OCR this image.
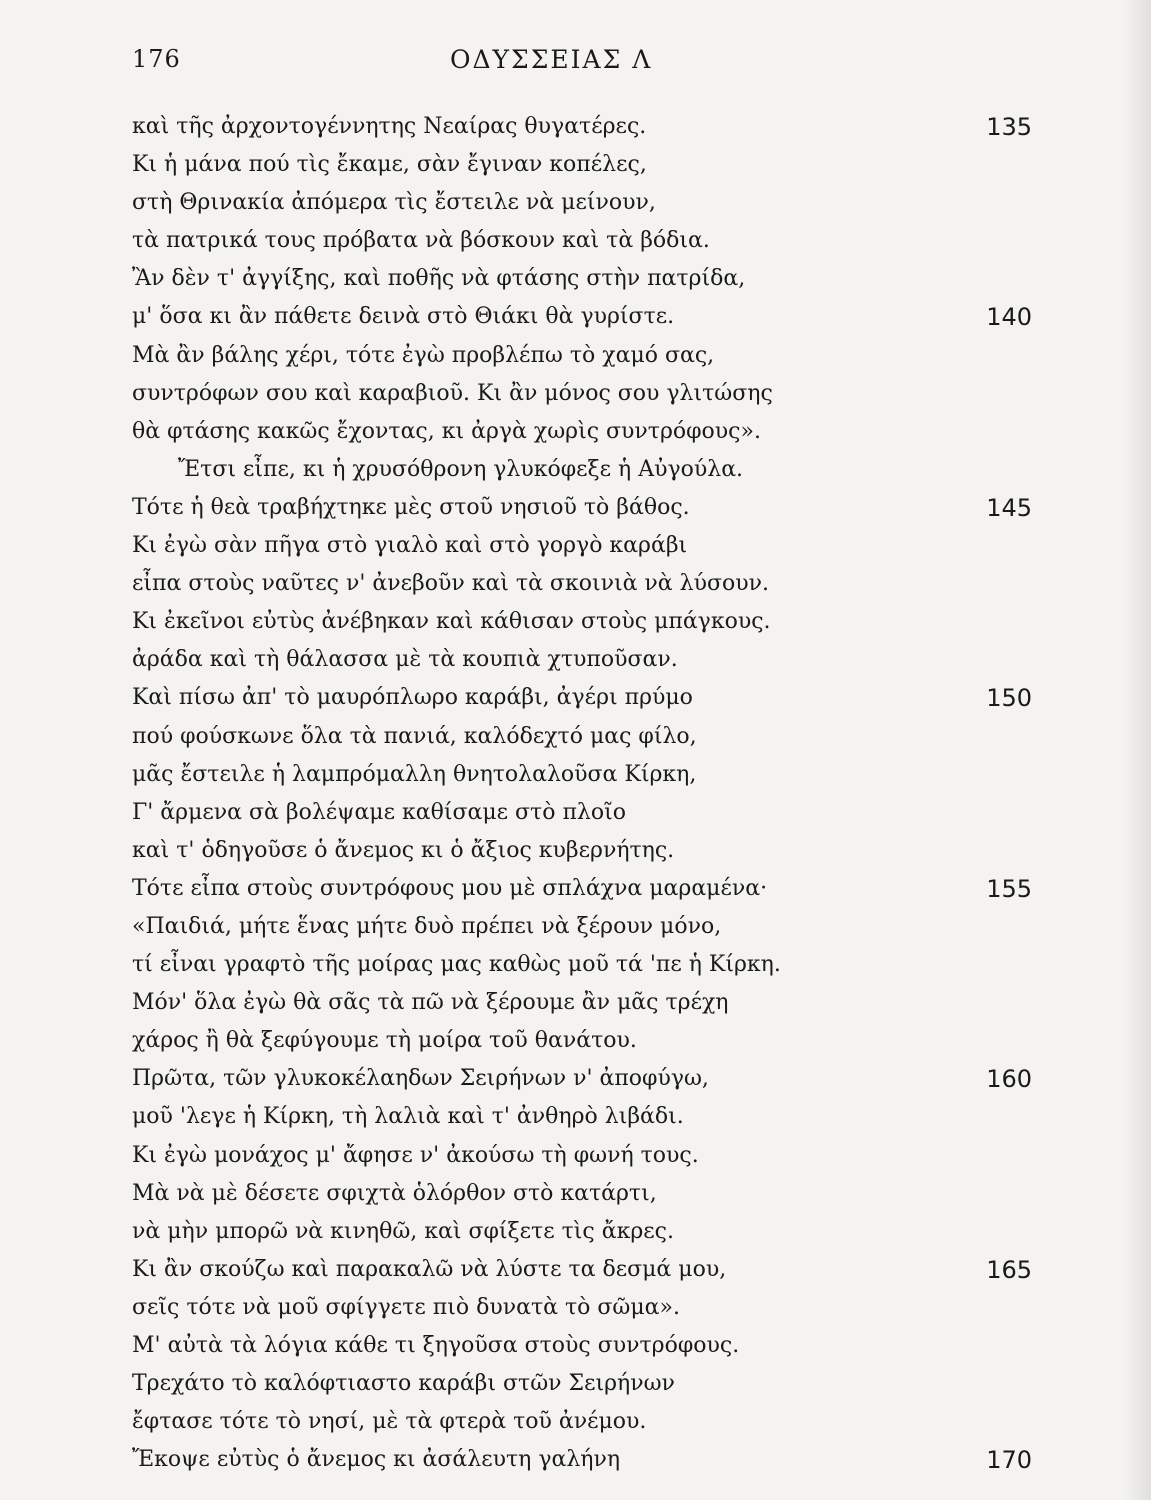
176	ΟΔΥΣΣΕΙΑΣ Λ
καὶ τῆς ἀρχοντογέννητης Νεαίρας θυγατέρες.	135
Κι ἡ μάνα πού τὶς ἔκαμε, σὰν ἔγιναν κοπέλες,
στὴ Θρινακία ἀπόμερα τὶς ἔστειλε νὰ μείνουν,
τὰ πατρικά τους πρόβατα νὰ βόσκουν καὶ τὰ βόδια.
Ἂν δὲν τ' ἀγγίξης, καὶ ποθῆς νὰ φτάσης στὴν πατρίδα,
μ' ὅσα κι ἂν πάθετε δεινὰ στὸ Θιάκι θὰ γυρίστε.	140
Μὰ ἂν βάλης χέρι, τότε ἐγὼ προβλέπω τὸ χαμό σας,
συντρόφων σου καὶ καραβιοῦ. Κι ἂν μόνος σου γλιτώσης
θὰ φτάσης κακῶς ἔχοντας, κι ἀργὰ χωρὶς συντρόφους».
Ἔτσι εἶπε, κι ἡ χρυσόθρονη γλυκόφεξε ἡ Αὐγούλα.
Τότε ἡ θεὰ τραβήχτηκε μὲς στοῦ νησιοῦ τὸ βάθος.	145
Κι ἐγὼ σὰν πῆγα στὸ γιαλὸ καὶ στὸ γοργὸ καράβι
εἶπα στοὺς ναῦτες ν' ἀνεβοῦν καὶ τὰ σκοινιὰ νὰ λύσουν.
Κι ἐκεῖνοι εὐτὺς ἀνέβηκαν καὶ κάθισαν στοὺς μπάγκους.
ἀράδα καὶ τὴ θάλασσα μὲ τὰ κουπιὰ χτυποῦσαν.
Καὶ πίσω ἀπ' τὸ μαυρόπλωρο καράβι, ἀγέρι πρύμο	150
πού φούσκωνε ὅλα τὰ πανιά, καλόδεχτό μας φίλο,
μᾶς ἔστειλε ἡ λαμπρόμαλλη θνητολαλοῦσα Κίρκη,
Γ' ἄρμενα σὰ βολέψαμε καθίσαμε στὸ πλοῖο
καὶ τ' ὁδηγοῦσε ὁ ἄνεμος κι ὁ ἄξιος κυβερνήτης.
Τότε εἶπα στοὺς συντρόφους μου μὲ σπλάχνα μαραμένα·	155
«Παιδιά, μήτε ἕνας μήτε δυὸ πρέπει νὰ ξέρουν μόνο,
τί εἶναι γραφτὸ τῆς μοίρας μας καθὼς μοῦ τά 'πε ἡ Κίρκη.
Μόν' ὅλα ἐγὼ θὰ σᾶς τὰ πῶ νὰ ξέρουμε ἂν μᾶς τρέχη
χάρος ἢ θὰ ξεφύγουμε τὴ μοίρα τοῦ θανάτου.
Πρῶτα, τῶν γλυκοκέλαηδων Σειρήνων ν' ἀποφύγω,	160
μοῦ 'λεγε ἡ Κίρκη, τὴ λαλιὰ καὶ τ' ἀνθηρὸ λιβάδι.
Κι ἐγὼ μονάχος μ' ἄφησε ν' ἀκούσω τὴ φωνή τους.
Μὰ νὰ μὲ δέσετε σφιχτὰ ὁλόρθον στὸ κατάρτι,
νὰ μὴν μπορῶ νὰ κινηθῶ, καὶ σφίξετε τὶς ἄκρες.
Κι ἂν σκούζω καὶ παρακαλῶ νὰ λύστε τα δεσμά μου,	165
σεῖς τότε νὰ μοῦ σφίγγετε πιὸ δυνατὰ τὸ σῶμα».
Μ' αὐτὰ τὰ λόγια κάθε τι ξηγοῦσα στοὺς συντρόφους.
Τρεχάτο τὸ καλόφτιαστο καράβι στῶν Σειρήνων
ἔφτασε τότε τὸ νησί, μὲ τὰ φτερὰ τοῦ ἀνέμου.
Ἔκοψε εὐτὺς ὁ ἄνεμος κι ἀσάλευτη γαλήνη	170
